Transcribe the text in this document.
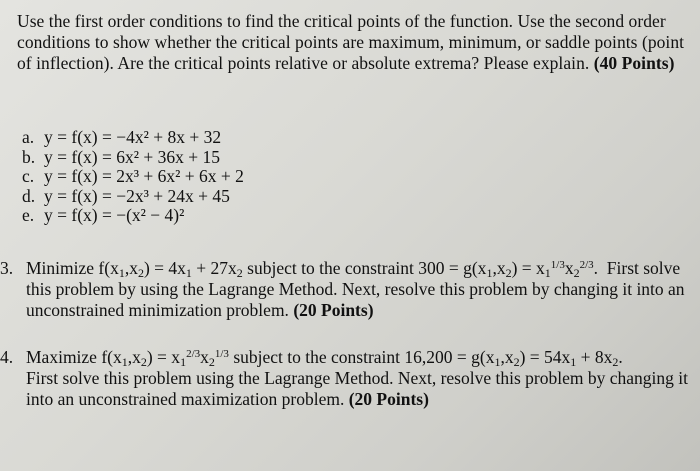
Use the first order conditions to find the critical points of the function. Use the second order conditions to show whether the critical points are maximum, minimum, or saddle points (point of inflection). Are the critical points relative or absolute extrema? Please explain. (40 Points)
a. y = f(x) = −4x² + 8x + 32
b. y = f(x) = 6x² + 36x + 15
c. y = f(x) = 2x³ + 6x² + 6x + 2
d. y = f(x) = −2x³ + 24x + 45
e. y = f(x) = −(x² − 4)²
3. Minimize $f(x_1,x_2) = 4x_1 + 27x_2$ subject to the constraint $300 = g(x_1,x_2) = x_1^{1/3}x_2^{2/3}$.  First solve this problem by using the Lagrange Method. Next, resolve this problem by changing it into an unconstrained minimization problem. (20 Points)
4. Maximize $f(x_1,x_2) = x_1^{2/3}x_2^{1/3}$ subject to the constraint $16,200 = g(x_1,x_2) = 54x_1 + 8x_2$.
First solve this problem using the Lagrange Method. Next, resolve this problem by changing it into an unconstrained maximization problem. (20 Points)
